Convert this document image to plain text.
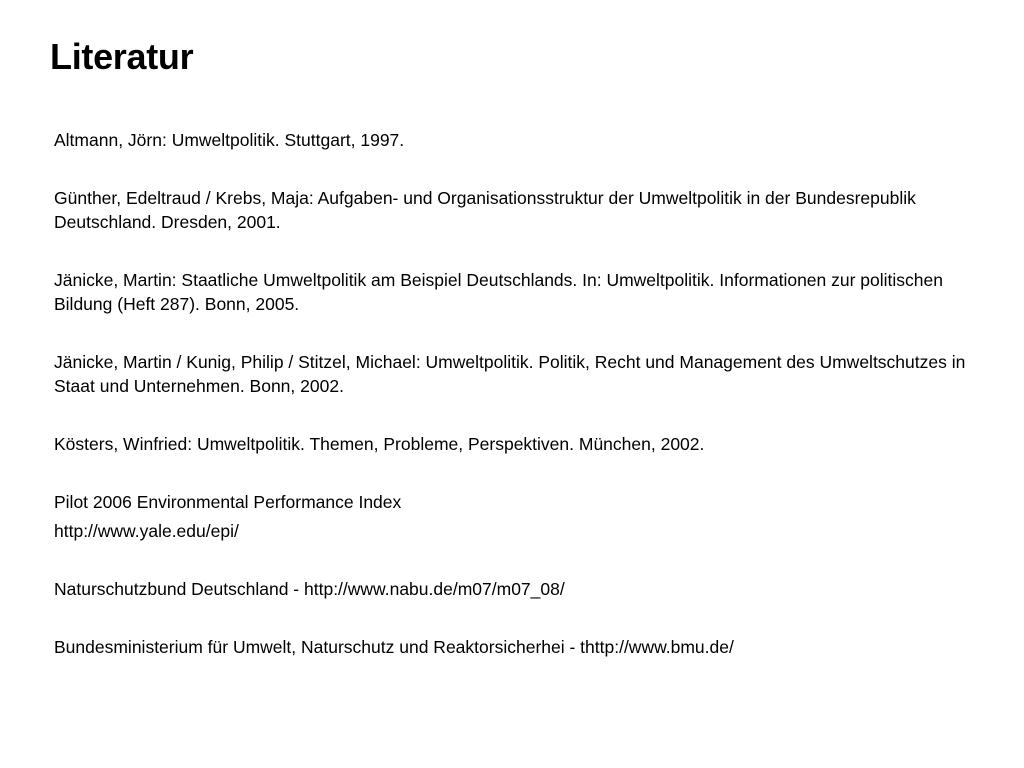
Literatur
Altmann, Jörn: Umweltpolitik. Stuttgart, 1997.
Günther, Edeltraud / Krebs, Maja: Aufgaben- und Organisationsstruktur der Umweltpolitik in der Bundesrepublik Deutschland. Dresden, 2001.
Jänicke, Martin: Staatliche Umweltpolitik am Beispiel Deutschlands. In: Umweltpolitik. Informationen zur politischen Bildung (Heft 287). Bonn, 2005.
Jänicke, Martin / Kunig, Philip / Stitzel, Michael: Umweltpolitik. Politik, Recht und Management des Umweltschutzes in Staat und Unternehmen. Bonn, 2002.
Kösters, Winfried: Umweltpolitik. Themen, Probleme, Perspektiven. München, 2002.
Pilot 2006 Environmental Performance Index
http://www.yale.edu/epi/
Naturschutzbund Deutschland - http://www.nabu.de/m07/m07_08/
Bundesministerium für Umwelt, Naturschutz und Reaktorsicherhei - thttp://www.bmu.de/
